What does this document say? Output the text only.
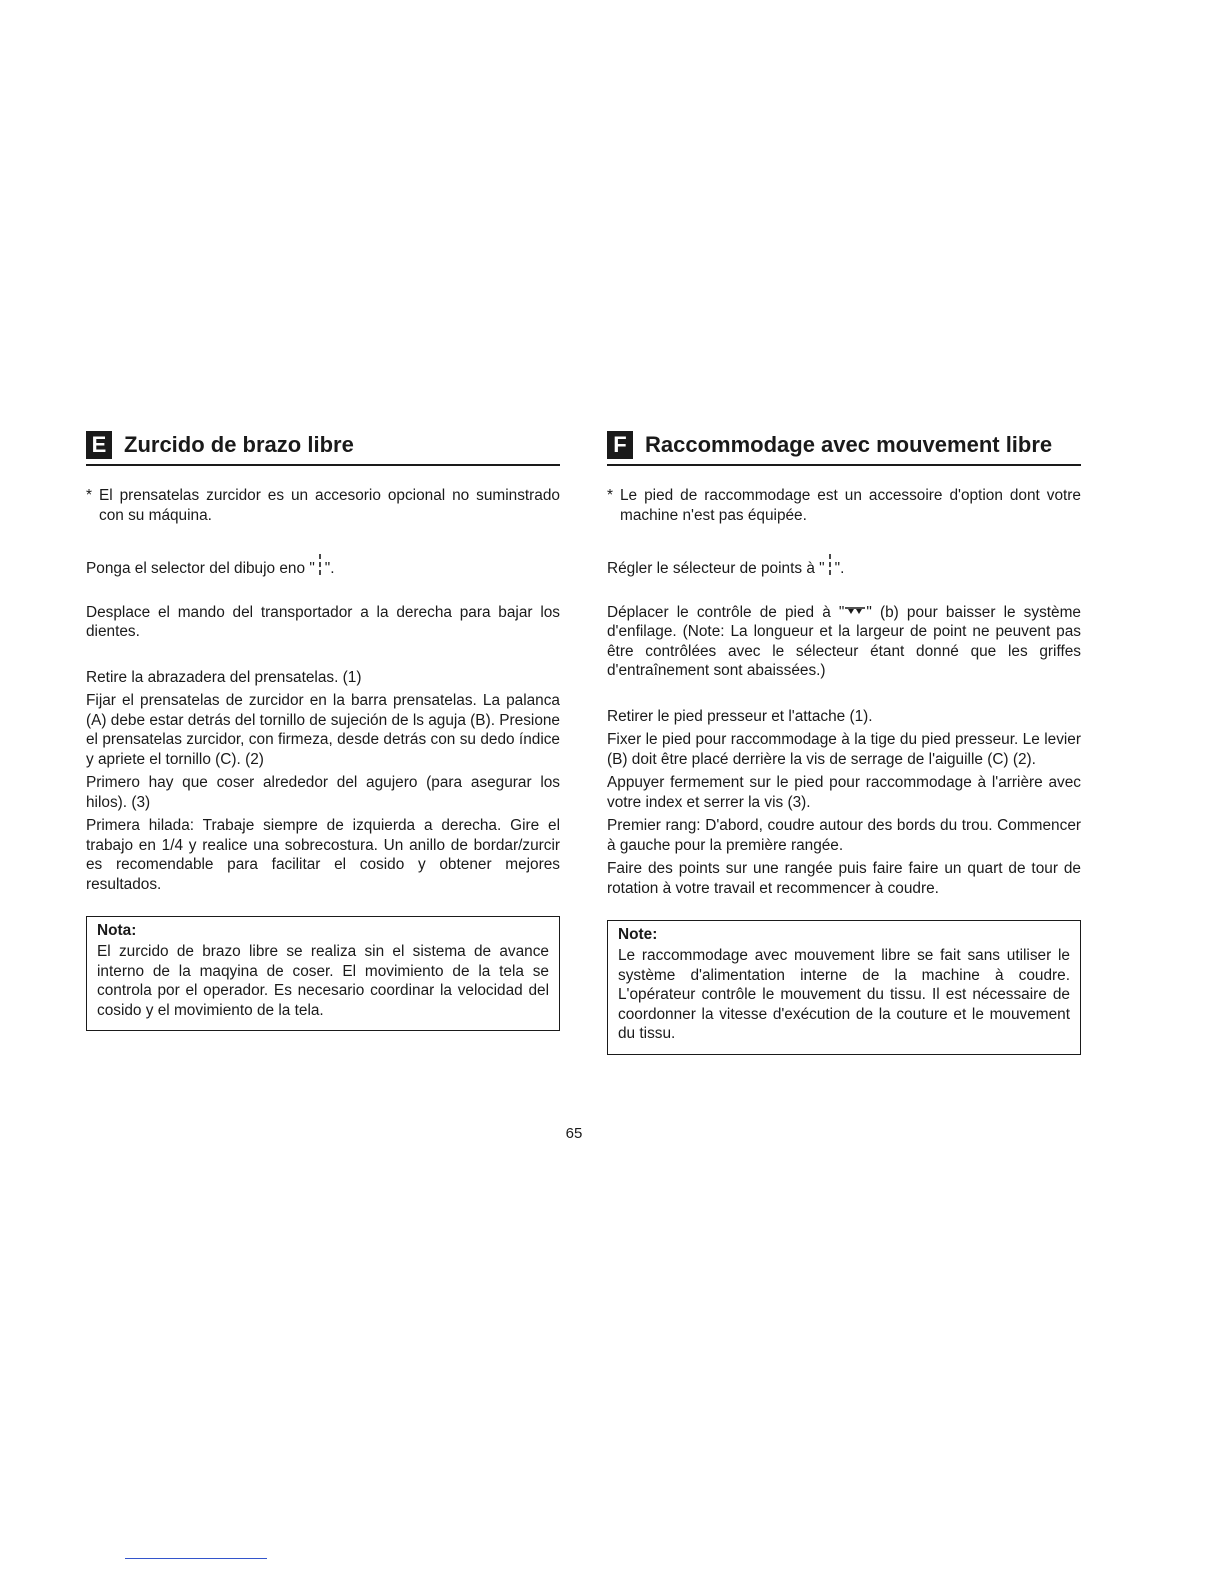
E Zurcido de brazo libre
* El prensatelas zurcidor es un accesorio opcional no suminstrado con su máquina.

Ponga el selector del dibujo eno " ".

Desplace el mando del transportador a la derecha para bajar los dientes.

Retire la abrazadera del prensatelas. (1)

Fijar el prensatelas de zurcidor en la barra prensatelas. La palanca (A) debe estar detrás del tornillo de sujeción de ls aguja (B). Presione el prensatelas zurcidor, con firmeza, desde detrás con su dedo índice y apriete el tornillo (C). (2)

Primero hay que coser alrededor del agujero (para asegurar los hilos). (3)

Primera hilada: Trabaje siempre de izquierda a derecha. Gire el trabajo en 1/4 y realice una sobrecostura. Un anillo de bordar/zurcir es recomendable para facilitar el cosido y obtener mejores resultados.

Nota:

El zurcido de brazo libre se realiza sin el sistema de avance interno de la maqyina de coser. El movimiento de la tela se controla por el operador. Es necesario coordinar la velocidad del cosido y el movimiento de la tela.

F Raccommodage avec mouvement libre
* Le pied de raccommodage est un accessoire d'option dont votre machine n'est pas équipée.

Régler le sélecteur de points à " ".

Déplacer le contrôle de pied à " " (b) pour baisser le système d'enfilage. (Note: La longueur et la largeur de point ne peuvent pas être contrôlées avec le sélecteur étant donné que les griffes d'entraînement sont abaissées.)

Retirer le pied presseur et l'attache (1).

Fixer le pied pour raccommodage à la tige du pied presseur. Le levier (B) doit être placé derrière la vis de serrage de l'aiguille (C) (2).

Appuyer fermement sur le pied pour raccommodage à l'arrière avec votre index et serrer la vis (3).

Premier rang: D'abord, coudre autour des bords du trou. Commencer à gauche pour la première rangée.

Faire des points sur une rangée puis faire faire un quart de tour de rotation à votre travail et recommencer à coudre.

Note:

Le raccommodage avec mouvement libre se fait sans utiliser le système d'alimentation interne de la machine à coudre. L'opérateur contrôle le mouvement du tissu. Il est nécessaire de coordonner la vitesse d'exécution de la couture et le mouvement du tissu.

65
